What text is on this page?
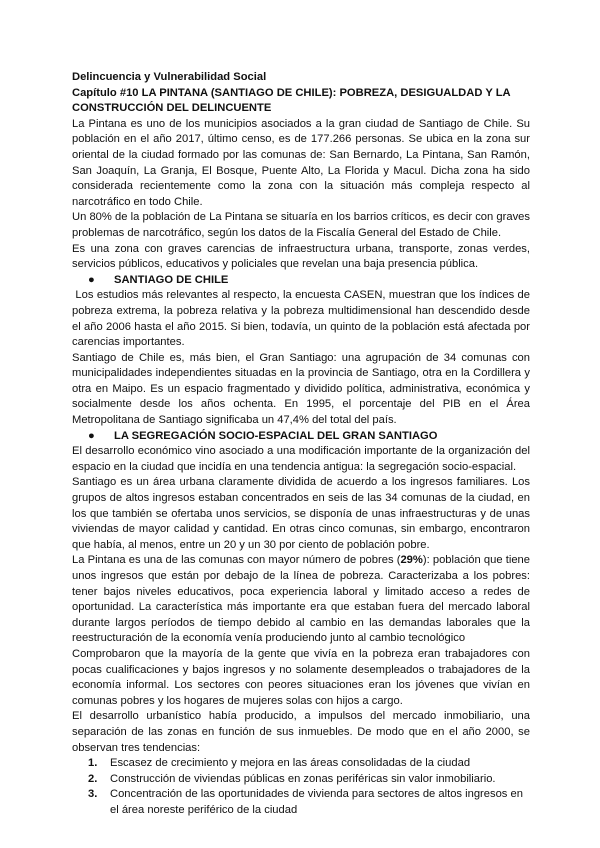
Delincuencia y Vulnerabilidad Social
Capítulo #10 LA PINTANA (SANTIAGO DE CHILE): POBREZA, DESIGUALDAD Y LA CONSTRUCCIÓN DEL DELINCUENTE

La Pintana es uno de los municipios asociados a la gran ciudad de Santiago de Chile. Su población en el año 2017, último censo, es de 177.266 personas. Se ubica en la zona sur oriental de la ciudad formado por las comunas de: San Bernardo, La Pintana, San Ramón, San Joaquín, La Granja, El Bosque, Puente Alto, La Florida y Macul. Dicha zona ha sido considerada recientemente como la zona con la situación más compleja respecto al narcotráfico en todo Chile.

Un 80% de la población de La Pintana se situaría en los barrios críticos, es decir con graves problemas de narcotráfico, según los datos de la Fiscalía General del Estado de Chile.

Es una zona con graves carencias de infraestructura urbana, transporte, zonas verdes, servicios públicos, educativos y policiales que revelan una baja presencia pública.

●	SANTIAGO DE CHILE

Los estudios más relevantes al respecto, la encuesta CASEN, muestran que los índices de pobreza extrema, la pobreza relativa y la pobreza multidimensional han descendido desde el año 2006 hasta el año 2015. Si bien, todavía, un quinto de la población está afectada por carencias importantes.

Santiago de Chile es, más bien, el Gran Santiago: una agrupación de 34 comunas con municipalidades independientes situadas en la provincia de Santiago, otra en la Cordillera y otra en Maipo. Es un espacio fragmentado y dividido política, administrativa, económica y socialmente desde los años ochenta. En 1995, el porcentaje del PIB en el Área Metropolitana de Santiago significaba un 47,4% del total del país.

●	LA SEGREGACIÓN SOCIO-ESPACIAL DEL GRAN SANTIAGO

El desarrollo económico vino asociado a una modificación importante de la organización del espacio en la ciudad que incidía en una tendencia antigua: la segregación socio-espacial.

Santiago es un área urbana claramente dividida de acuerdo a los ingresos familiares. Los grupos de altos ingresos estaban concentrados en seis de las 34 comunas de la ciudad, en los que también se ofertaba unos servicios, se disponía de unas infraestructuras y de unas viviendas de mayor calidad y cantidad. En otras cinco comunas, sin embargo, encontraron que había, al menos, entre un 20 y un 30 por ciento de población pobre.

La Pintana es una de las comunas con mayor número de pobres (29%): población que tiene unos ingresos que están por debajo de la línea de pobreza. Caracterizaba a los pobres: tener bajos niveles educativos, poca experiencia laboral y limitado acceso a redes de oportunidad. La característica más importante era que estaban fuera del mercado laboral durante largos períodos de tiempo debido al cambio en las demandas laborales que la reestructuración de la economía venía produciendo junto al cambio tecnológico

Comprobaron que la mayoría de la gente que vivía en la pobreza eran trabajadores con pocas cualificaciones y bajos ingresos y no solamente desempleados o trabajadores de la economía informal. Los sectores con peores situaciones eran los jóvenes que vivían en comunas pobres y los hogares de mujeres solas con hijos a cargo.

El desarrollo urbanístico había producido, a impulsos del mercado inmobiliario, una separación de las zonas en función de sus inmuebles. De modo que en el año 2000, se observan tres tendencias:

1.	Escasez de crecimiento y mejora en las áreas consolidadas de la ciudad
2.	Construcción de viviendas públicas en zonas periféricas sin valor inmobiliario.
3.	Concentración de las oportunidades de vivienda para sectores de altos ingresos en el área noreste periférico de la ciudad
